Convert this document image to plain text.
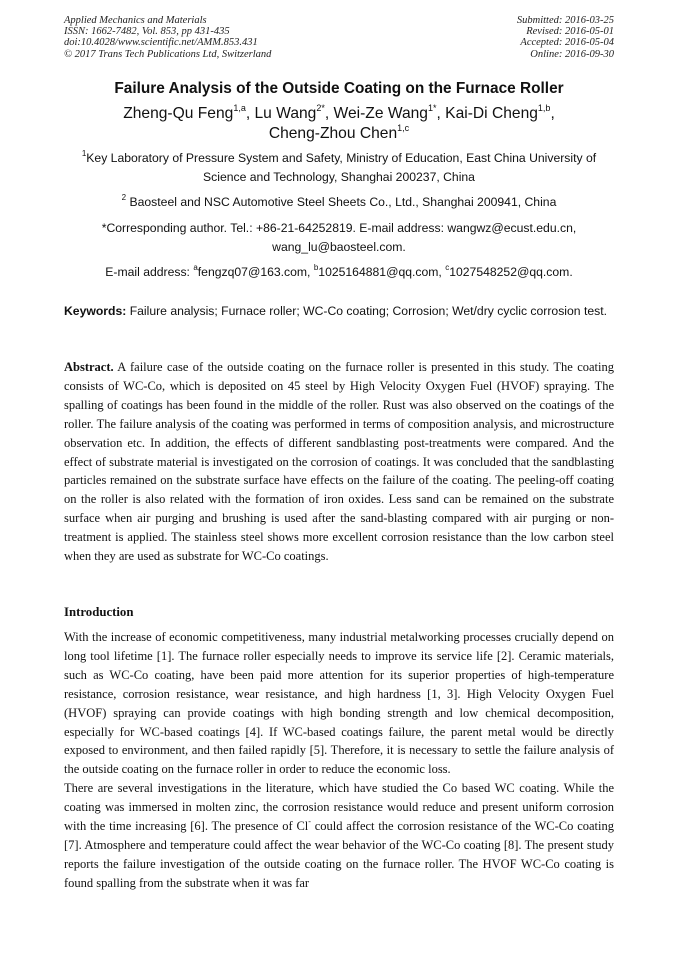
Applied Mechanics and Materials
ISSN: 1662-7482, Vol. 853, pp 431-435
doi:10.4028/www.scientific.net/AMM.853.431
© 2017 Trans Tech Publications Ltd, Switzerland
Submitted: 2016-03-25
Revised: 2016-05-01
Accepted: 2016-05-04
Online: 2016-09-30
Failure Analysis of the Outside Coating on the Furnace Roller
Zheng-Qu Feng$^{1,a}$, Lu Wang$^{2*}$, Wei-Ze Wang$^{1*}$, Kai-Di Cheng$^{1,b}$,
Cheng-Zhou Chen$^{1,c}$
$^1$Key Laboratory of Pressure System and Safety, Ministry of Education, East China University of Science and Technology, Shanghai 200237, China
$^2$ Baosteel and NSC Automotive Steel Sheets Co., Ltd., Shanghai 200941, China
*Corresponding author. Tel.: +86-21-64252819. E-mail address: wangwz@ecust.edu.cn, wang_lu@baosteel.com.
E-mail address: $^a$fengzq07@163.com, $^b$1025164881@qq.com, $^c$1027548252@qq.com.
Keywords: Failure analysis; Furnace roller; WC-Co coating; Corrosion; Wet/dry cyclic corrosion test.
Abstract. A failure case of the outside coating on the furnace roller is presented in this study. The coating consists of WC-Co, which is deposited on 45 steel by High Velocity Oxygen Fuel (HVOF) spraying. The spalling of coatings has been found in the middle of the roller. Rust was also observed on the coatings of the roller. The failure analysis of the coating was performed in terms of composition analysis, and microstructure observation etc. In addition, the effects of different sandblasting post-treatments were compared. And the effect of substrate material is investigated on the corrosion of coatings. It was concluded that the sandblasting particles remained on the substrate surface have effects on the failure of the coating. The peeling-off coating on the roller is also related with the formation of iron oxides. Less sand can be remained on the substrate surface when air purging and brushing is used after the sand-blasting compared with air purging or non-treatment is applied. The stainless steel shows more excellent corrosion resistance than the low carbon steel when they are used as substrate for WC-Co coatings.
Introduction

With the increase of economic competitiveness, many industrial metalworking processes crucially depend on long tool lifetime [1]. The furnace roller especially needs to improve its service life [2]. Ceramic materials, such as WC-Co coating, have been paid more attention for its superior properties of high-temperature resistance, corrosion resistance, wear resistance, and high hardness [1, 3]. High Velocity Oxygen Fuel (HVOF) spraying can provide coatings with high bonding strength and low chemical decomposition, especially for WC-based coatings [4]. If WC-based coatings failure, the parent metal would be directly exposed to environment, and then failed rapidly [5]. Therefore, it is necessary to settle the failure analysis of the outside coating on the furnace roller in order to reduce the economic loss.

There are several investigations in the literature, which have studied the Co based WC coating. While the coating was immersed in molten zinc, the corrosion resistance would reduce and present uniform corrosion with the time increasing [6]. The presence of Cl- could affect the corrosion resistance of the WC-Co coating [7]. Atmosphere and temperature could affect the wear behavior of the WC-Co coating [8]. The present study reports the failure investigation of the outside coating on the furnace roller. The HVOF WC-Co coating is found spalling from the substrate when it was far
